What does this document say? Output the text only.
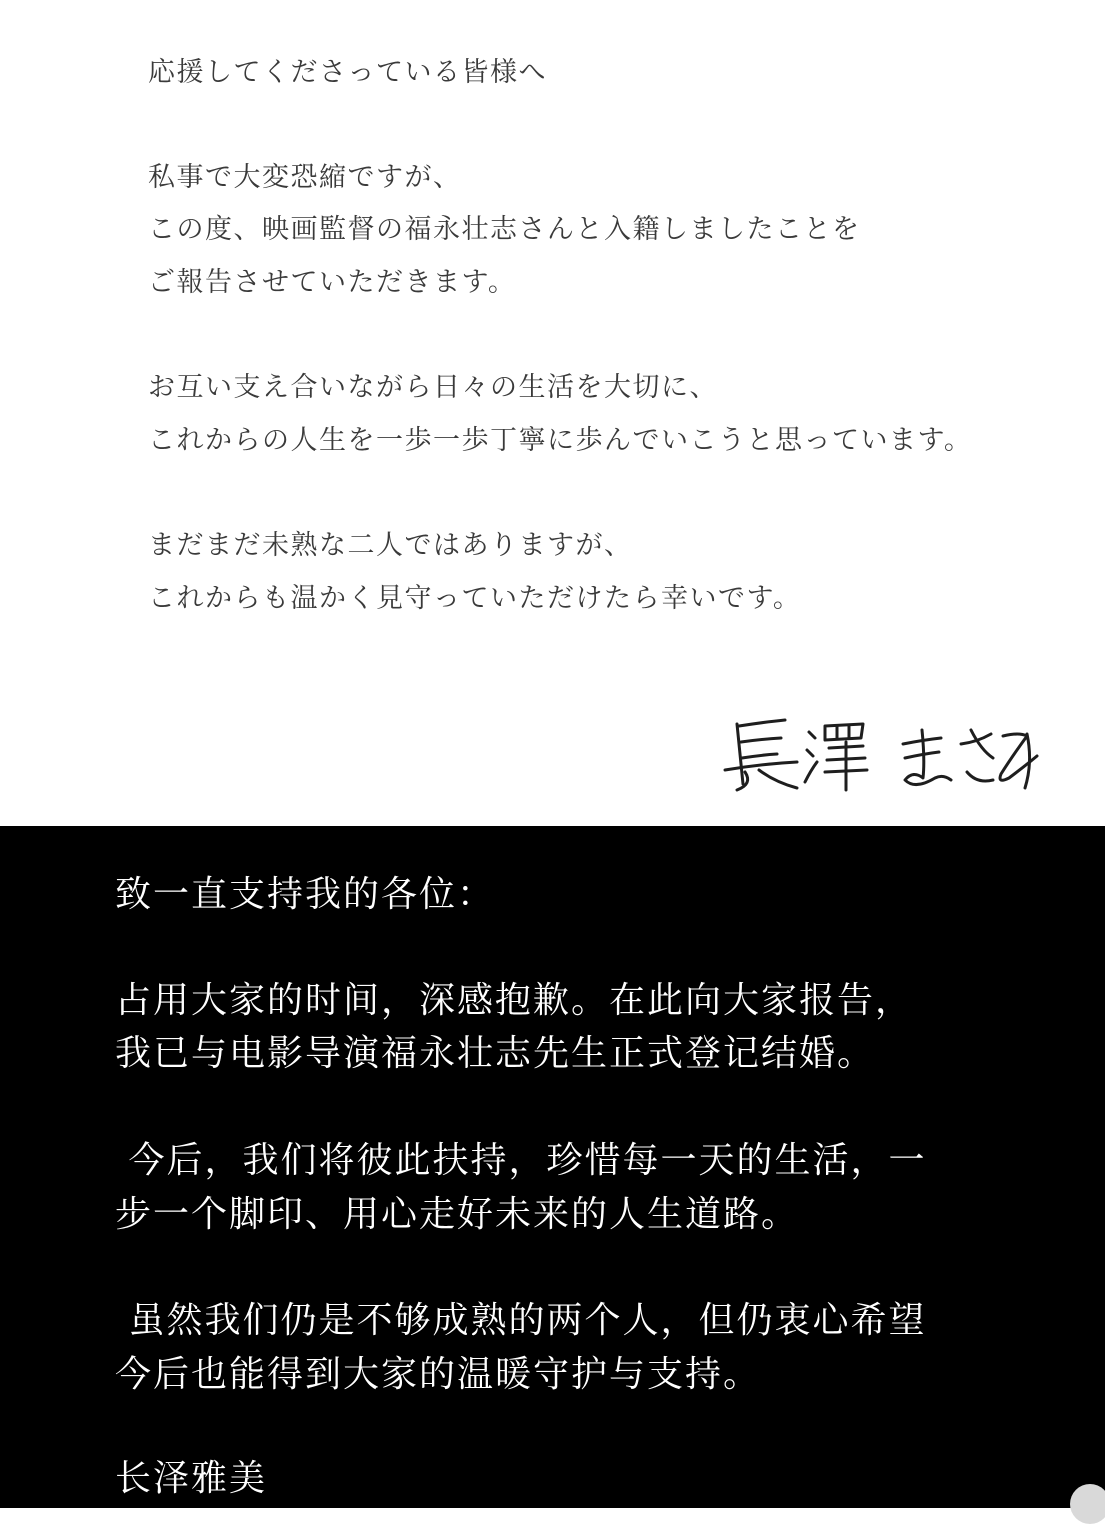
応援してくださっている皆様へ

私事で大変恐縮ですが、

この度、映画監督の福永壮志さんと入籍しましたことを

ご報告させていただきます。

お互い支え合いながら日々の生活を大切に、

これからの人生を一歩一歩丁寧に歩んでいこうと思っています。

まだまだ未熟な二人ではありますが、

これからも温かく見守っていただけたら幸いです。

致一直支持我的各位：

占用大家的时间，深感抱歉。在此向大家报告，

我已与电影导演福永壮志先生正式登记结婚。

今后，我们将彼此扶持，珍惜每一天的生活，一

步一个脚印、用心走好未来的人生道路。

虽然我们仍是不够成熟的两个人，但仍衷心希望

今后也能得到大家的温暖守护与支持。

长泽雅美
